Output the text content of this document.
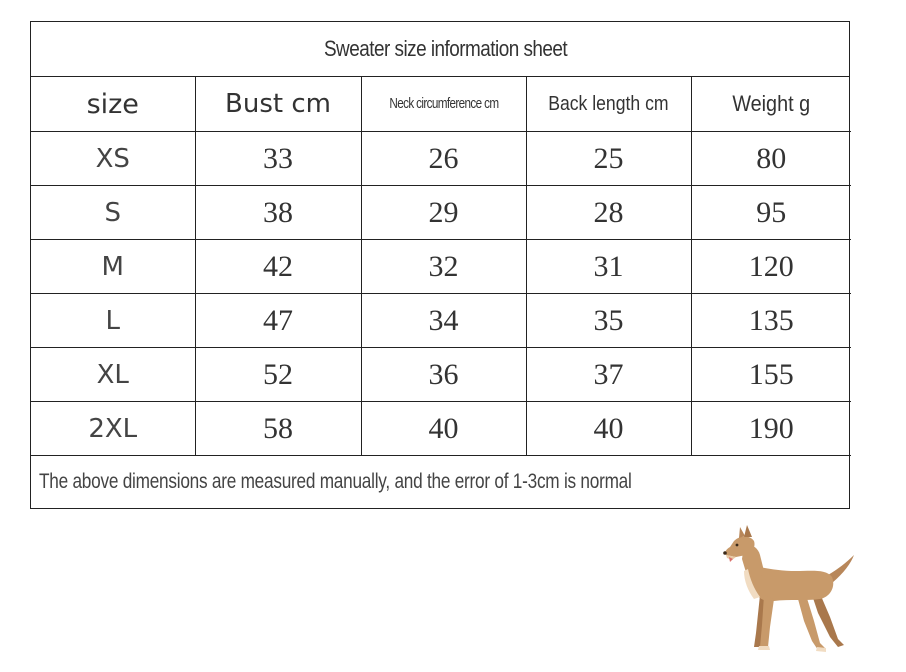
Sweater size information sheet
size	Bust cm	Neck circumference cm	Back length cm	Weight g
XS	33	26	25	80
S	38	29	28	95
M	42	32	31	120
L	47	34	35	135
XL	52	36	37	155
2XL	58	40	40	190
The above dimensions are measured manually, and the error of 1-3cm is normal
